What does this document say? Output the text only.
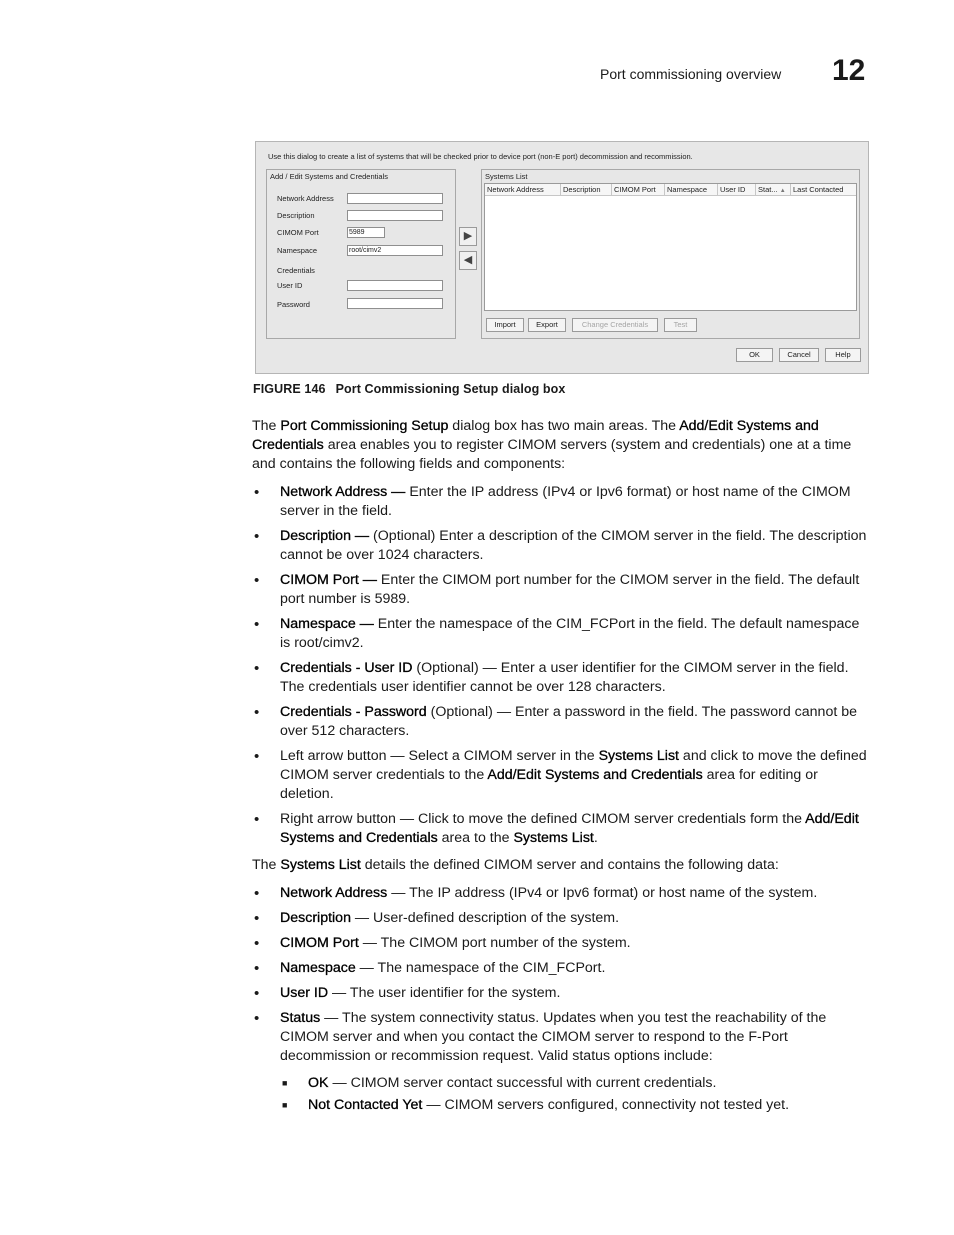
Port commissioning overview 12
Use this dialog to create a list of systems that will be checked prior to device port (non-E port) decommission and recommission.
Add / Edit Systems and Credentials
Network Address
Description
CIMOM Port	5989
Namespace	root/cimv2
Credentials
User ID
Password
▶
◀
Systems List
Network Address	Description	CIMOM Port	Namespace	User ID	Stat... ▲ Last Contacted
Import	Export	Change Credentials	Test
OK	Cancel	Help
FIGURE 146 Port Commissioning Setup dialog box

The Port Commissioning Setup dialog box has two main areas. The Add/Edit Systems and Credentials area enables you to register CIMOM servers (system and credentials) one at a time and contains the following fields and components:

• Network Address — Enter the IP address (IPv4 or Ipv6 format) or host name of the CIMOM server in the field.
• Description — (Optional) Enter a description of the CIMOM server in the field. The description cannot be over 1024 characters.
• CIMOM Port — Enter the CIMOM port number for the CIMOM server in the field. The default port number is 5989.
• Namespace — Enter the namespace of the CIM_FCPort in the field. The default namespace is root/cimv2.
• Credentials - User ID (Optional) — Enter a user identifier for the CIMOM server in the field. The credentials user identifier cannot be over 128 characters.
• Credentials - Password (Optional) — Enter a password in the field. The password cannot be over 512 characters.
• Left arrow button — Select a CIMOM server in the Systems List and click to move the defined CIMOM server credentials to the Add/Edit Systems and Credentials area for editing or deletion.
• Right arrow button — Click to move the defined CIMOM server credentials form the Add/Edit Systems and Credentials area to the Systems List.

The Systems List details the defined CIMOM server and contains the following data:

• Network Address — The IP address (IPv4 or Ipv6 format) or host name of the system.
• Description — User-defined description of the system.
• CIMOM Port — The CIMOM port number of the system.
• Namespace — The namespace of the CIM_FCPort.
• User ID — The user identifier for the system.
• Status — The system connectivity status. Updates when you test the reachability of the CIMOM server and when you contact the CIMOM server to respond to the F-Port decommission or recommission request. Valid status options include:
■ OK — CIMOM server contact successful with current credentials.
■ Not Contacted Yet — CIMOM servers configured, connectivity not tested yet.
